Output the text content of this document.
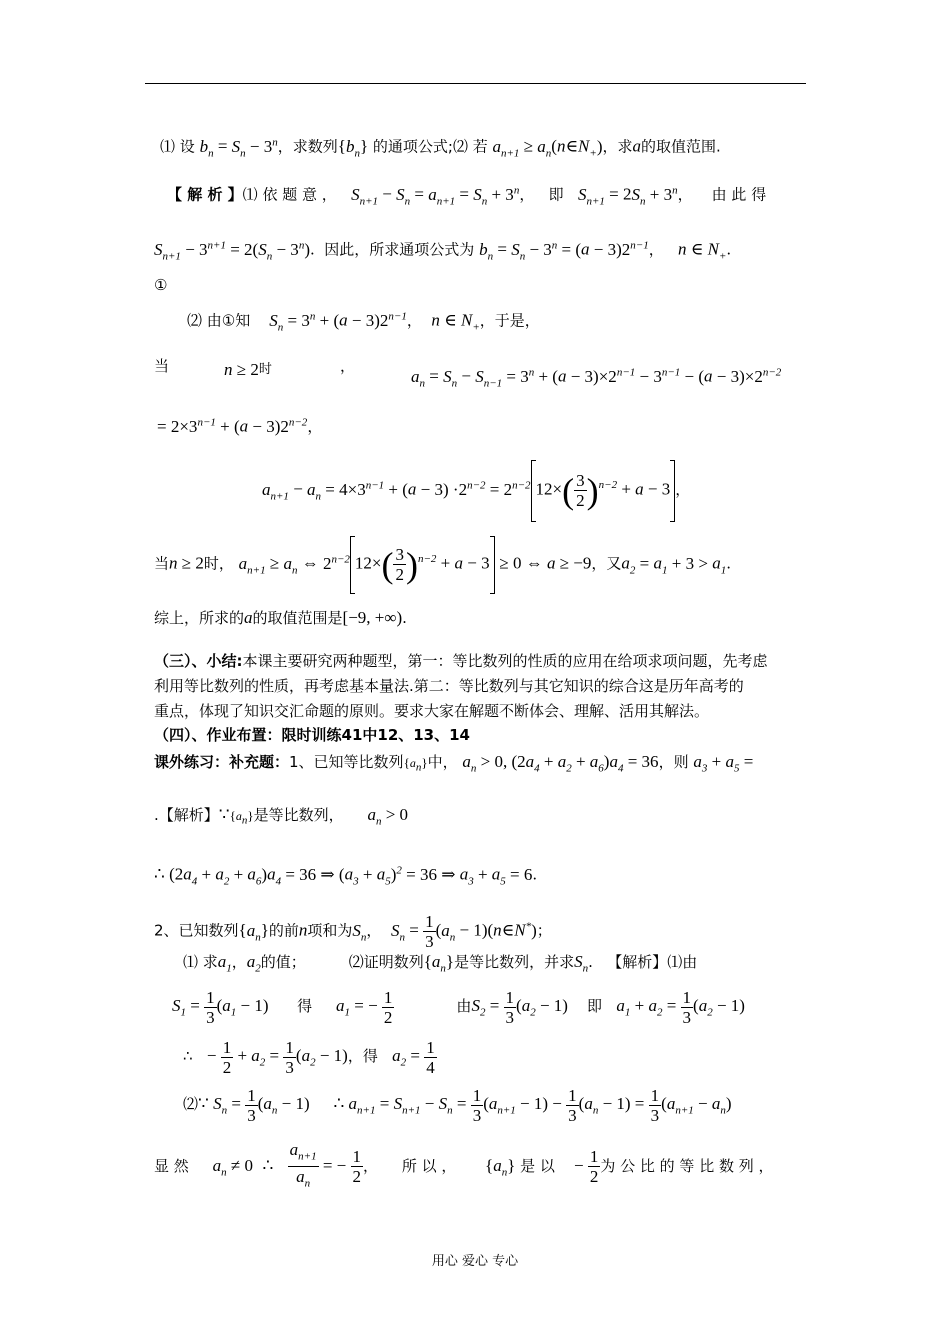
⑴ 设 $b_n = S_n - 3^n$，求数列$\{b_n\}$ 的通项公式;⑵ 若 $a_{n+1}$ ≥ $a_n(n\in N_+)$，求a的取值范围.
【 解 析 】⑴ 依 题 意 ， $S_{n+1} - S_n = a_{n+1} = S_n + 3^n$，   即 $S_{n+1} = 2S_n + 3^n$，    由 此 得
$S_{n+1} - 3^{n+1} = 2(S_n - 3^n)$.  因此，所求通项公式为 $b_n = S_n - 3^n = (a - 3)2^{n-1}$，   n ∈ $N_+$.
①
⑵ 由①知 $S_n = 3^n + (a - 3)2^{n-1}$，  n ∈ $N_+$，于是，
当	n ≥ 2时	，
$a_n = S_n - S_{n-1} = 3^n + (a - 3)\times 2^{n-1} - 3^{n-1} - (a - 3)\times 2^{n-2}$
= $2\times 3^{n-1} + (a - 3)2^{n-2}$，
$a_{n+1} - a_n = 4\times 3^{n-1} + (a - 3) \cdot 2^{n-2} = 2^{n-2}$ $12\times( \frac{3}{2} )^{n-2} + a - 3$ ，
当n ≥ 2时， $a_{n+1} \ge a_n$ ⇔ $2^{n-2}$ $12\times( \frac{3}{2} )^{n-2} + a - 3 \ge 0$ ⇔ a ≥ −9，又$a_2 = a_1 + 3 > a_1$.
综上，所求的a的取值范围是[−9, +∞).
（三）、小结:本课主要研究两种题型，第一：等比数列的性质的应用在给项求项问题，先考虑
利用等比数列的性质，再考虑基本量法.第二：等比数列与其它知识的综合这是历年高考的
重点，体现了知识交汇命题的原则。要求大家在解题不断体会、理解、活用其解法。
（四）、作业布置：限时训练41中12、13、14
课外练习：补充题：1、已知等比数列$\{a_n\}$中， $a_n > 0$, $(2a_4 + a_2 + a_6)a_4 = 36$，则 $a_3 + a_5$ =
.【解析】$\because\{a_n\}$是等比数列， $a_n > 0$
∴ $(2a_4 + a_2 + a_6)a_4 = 36$ ⇒ $(a_3 + a_5)^2 = 36$ ⇒ $a_3 + a_5 = 6$.
2、已知数列$\{a_n\}$的前n项和为$S_n$，  $S_n = \frac{1}{3} (a_n$ − 1)(n∈N*)；
⑴ 求$a_1$，$a_2$的值；	⑵证明数列$\{a_n\}$是等比数列，并求$S_n$.   【解析】⑴由
$S_1 = \frac{1}{3} (a_1 - 1)$ 得 $a_1$ = − $\frac{1}{2}$	由$S_2 = \frac{1}{3} (a_2 - 1)$ 即 $a_1 + a_2 = \frac{1}{3} (a_2 - 1)$
∴ − $\frac{1}{2} + a_2 = \frac{1}{3} (a_2 - 1)$，得 $a_2 = \frac{1}{4}$
⑵∵ $S_n = \frac{1}{3} (a_n - 1)$ ∴ $a_{n+1} = S_{n+1} - S_n = \frac{1}{3} (a_{n+1} - 1) - \frac{1}{3} (a_n - 1) = \frac{1}{3} (a_{n+1} - a_n)$
显 然 $a_n \ne 0$ ∴ $\frac{a_{n+1}}{a_n}$ = − $\frac{1}{2}$ ，     所 以 ， $\{a_n\}$ 是 以 − $\frac{1}{2}$ 为 公 比 的 等 比 数 列 ，
用心 爱心 专心
